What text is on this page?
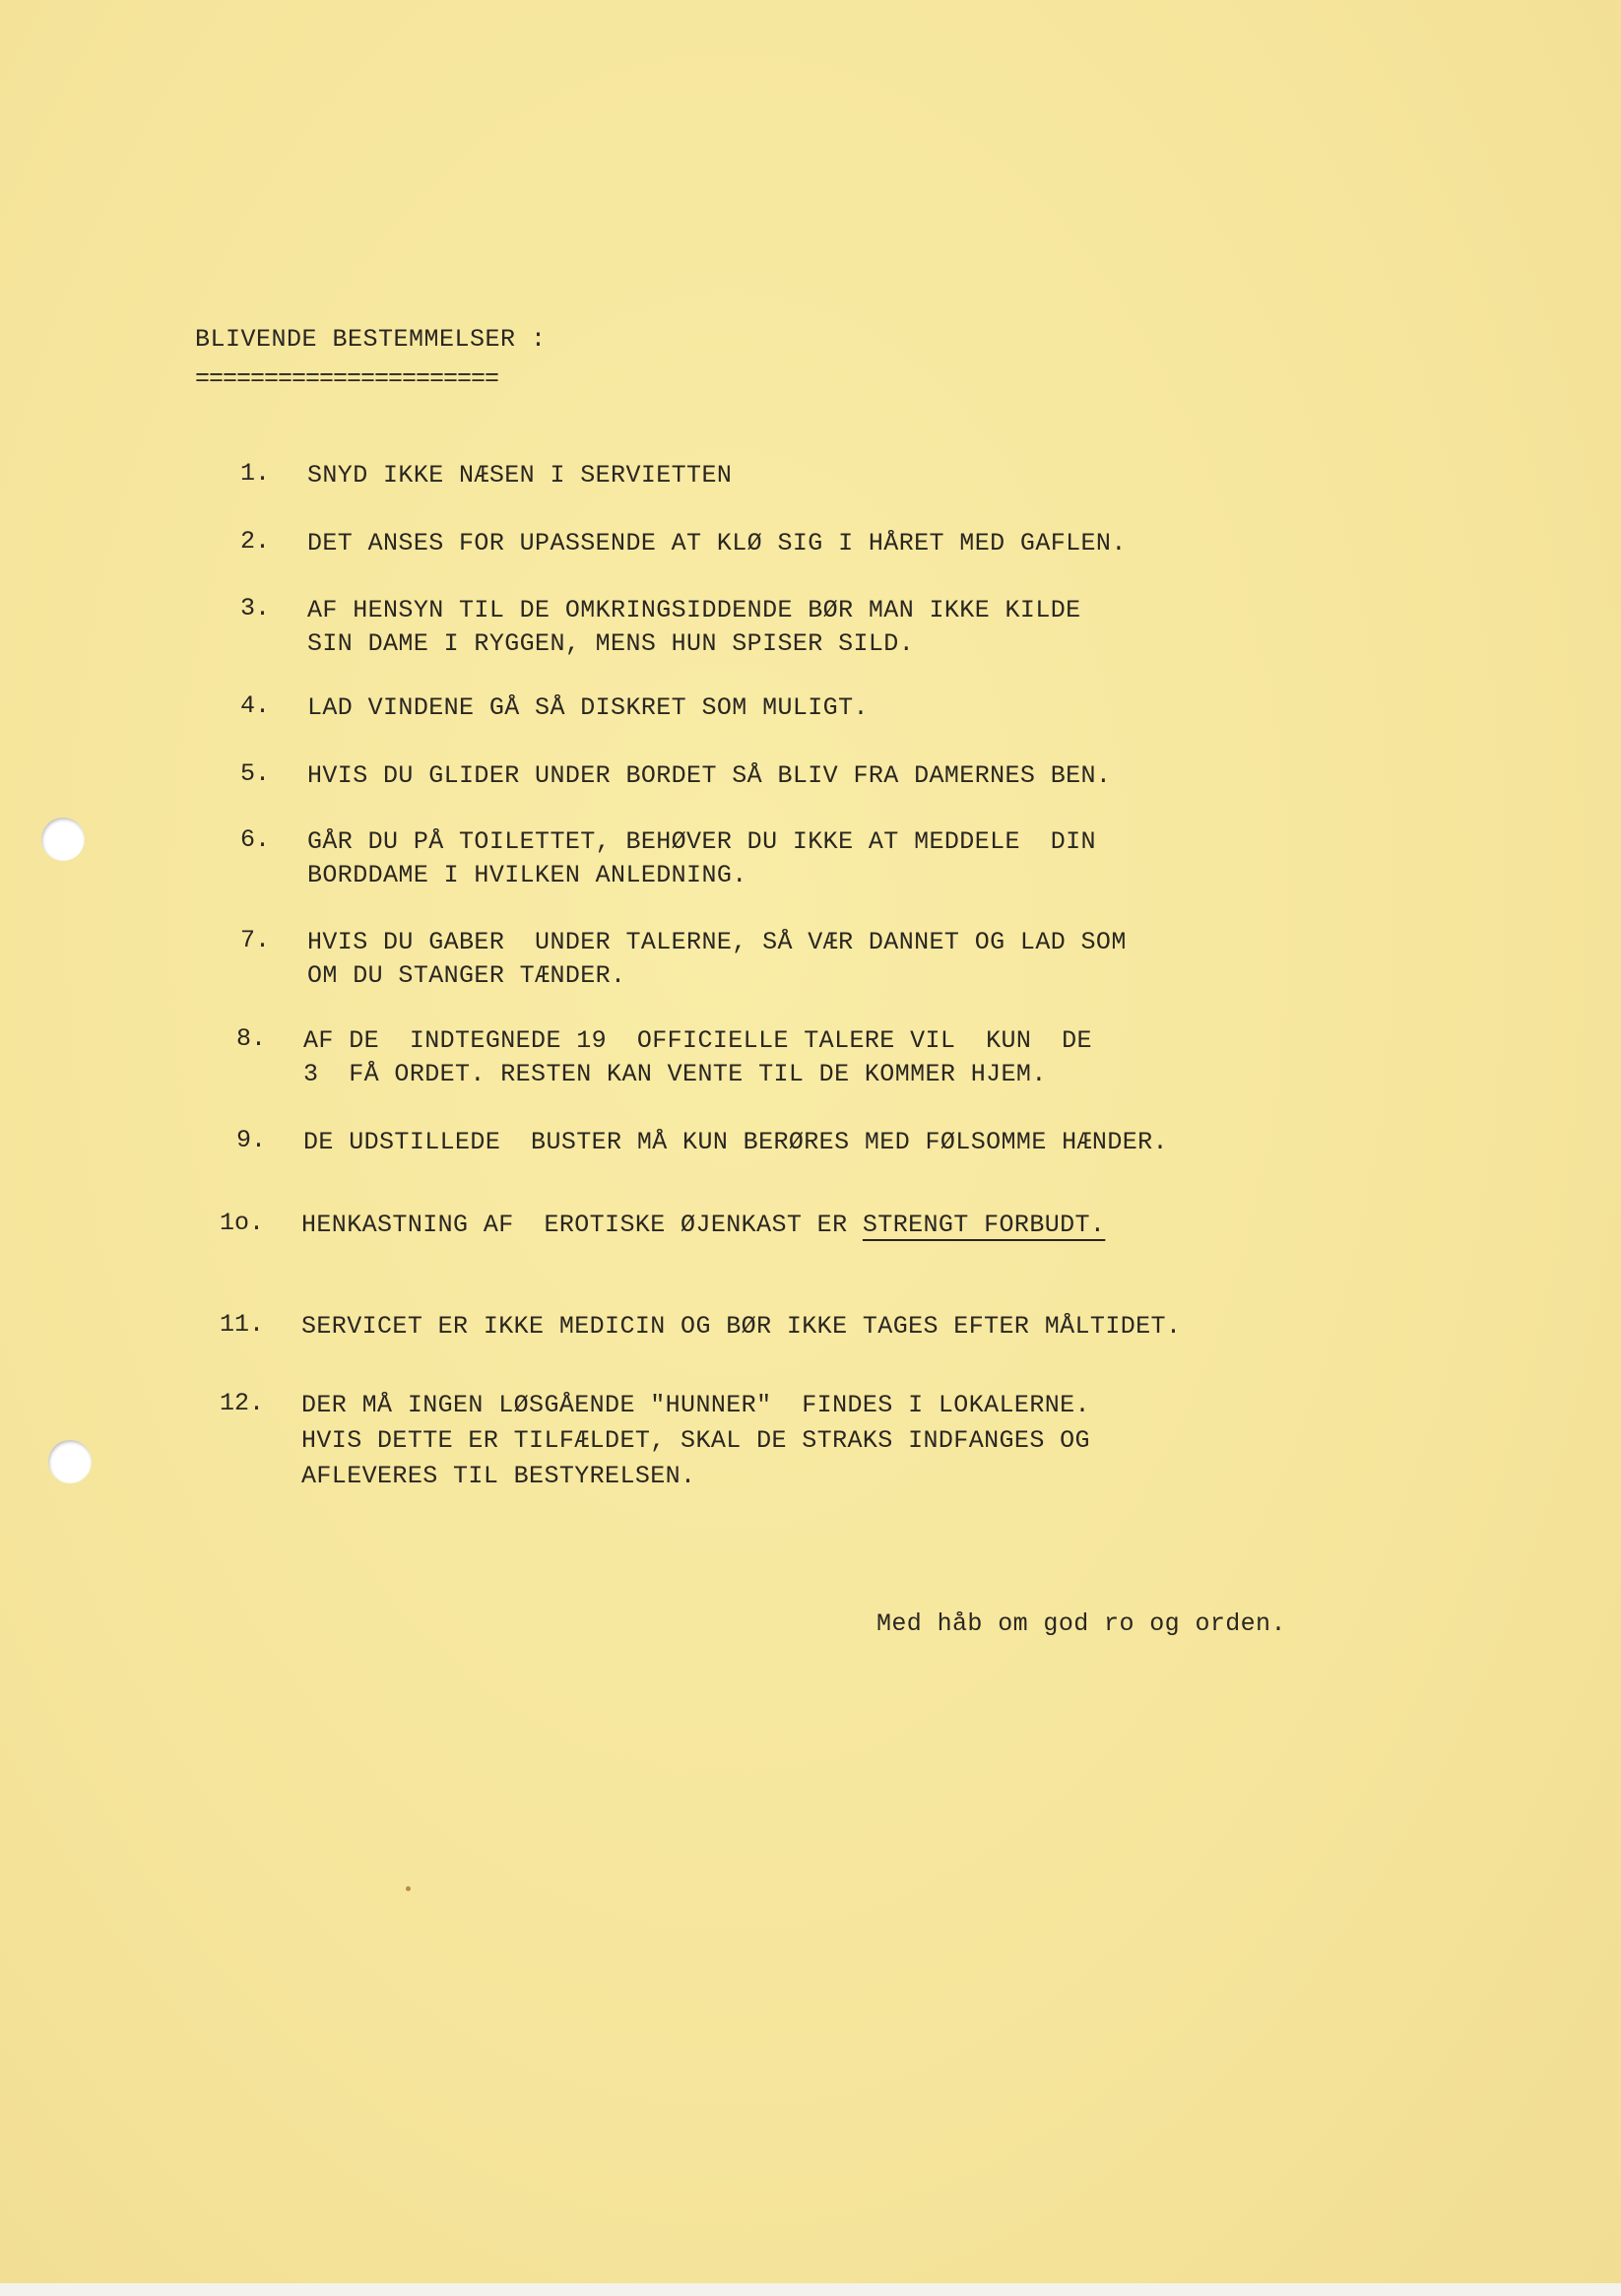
BLIVENDE BESTEMMELSER :
======================
1. SNYD IKKE NÆSEN I SERVIETTEN
2. DET ANSES FOR UPASSENDE AT KLØ SIG I HÅRET MED GAFLEN.
3. AF HENSYN TIL DE OMKRINGSIDDENDE BØR MAN IKKE KILDE
SIN DAME I RYGGEN, MENS HUN SPISER SILD.
4. LAD VINDENE GÅ SÅ DISKRET SOM MULIGT.
5. HVIS DU GLIDER UNDER BORDET SÅ BLIV FRA DAMERNES BEN.
6. GÅR DU PÅ TOILETTET, BEHØVER DU IKKE AT MEDDELE  DIN
BORDDAME I HVILKEN ANLEDNING.
7. HVIS DU GABER  UNDER TALERNE, SÅ VÆR DANNET OG LAD SOM
OM DU STANGER TÆNDER.
8. AF DE  INDTEGNEDE 19  OFFICIELLE TALERE VIL  KUN  DE
3  FÅ ORDET. RESTEN KAN VENTE TIL DE KOMMER HJEM.
9. DE UDSTILLEDE  BUSTER MÅ KUN BERØRES MED FØLSOMME HÆNDER.
1o. HENKASTNING AF  EROTISKE ØJENKAST ER STRENGT FORBUDT.
11. SERVICET ER IKKE MEDICIN OG BØR IKKE TAGES EFTER MÅLTIDET.
12. DER MÅ INGEN LØSGÅENDE "HUNNER"  FINDES I LOKALERNE.
HVIS DETTE ER TILFÆLDET, SKAL DE STRAKS INDFANGES OG
AFLEVERES TIL BESTYRELSEN.
Med håb om god ro og orden.
